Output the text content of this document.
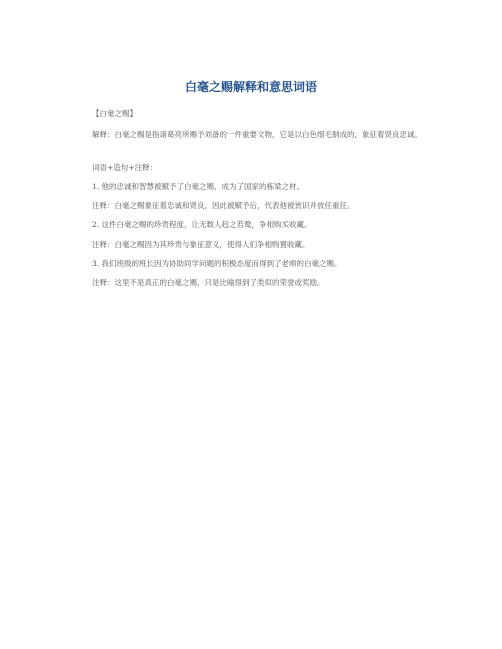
白毫之赐解释和意思词语
【白毫之赐】
解释：白毫之赐是指诸葛亮所赐予刘备的一件重要文物，它是以白色细毛制成的，象征着贤良忠诚。
词语+造句+注释：
1. 他的忠诚和智慧被赋予了白毫之赐，成为了国家的栋梁之材。
注释：白毫之赐象征着忠诚和贤良，因此被赋予后，代表他被赏识并放任重任。
2. 这件白毫之赐的珍贵程度，让无数人趋之若鹜，争相购买收藏。
注释：白毫之赐因为其珍贵与象征意义，使得人们争相购置收藏。
3. 我们班级的班长因为协助同学问题的积极态度而得到了老师的白毫之赐。
注释：这里不是真正的白毫之赐，只是比喻得到了类似的荣誉或奖励。
